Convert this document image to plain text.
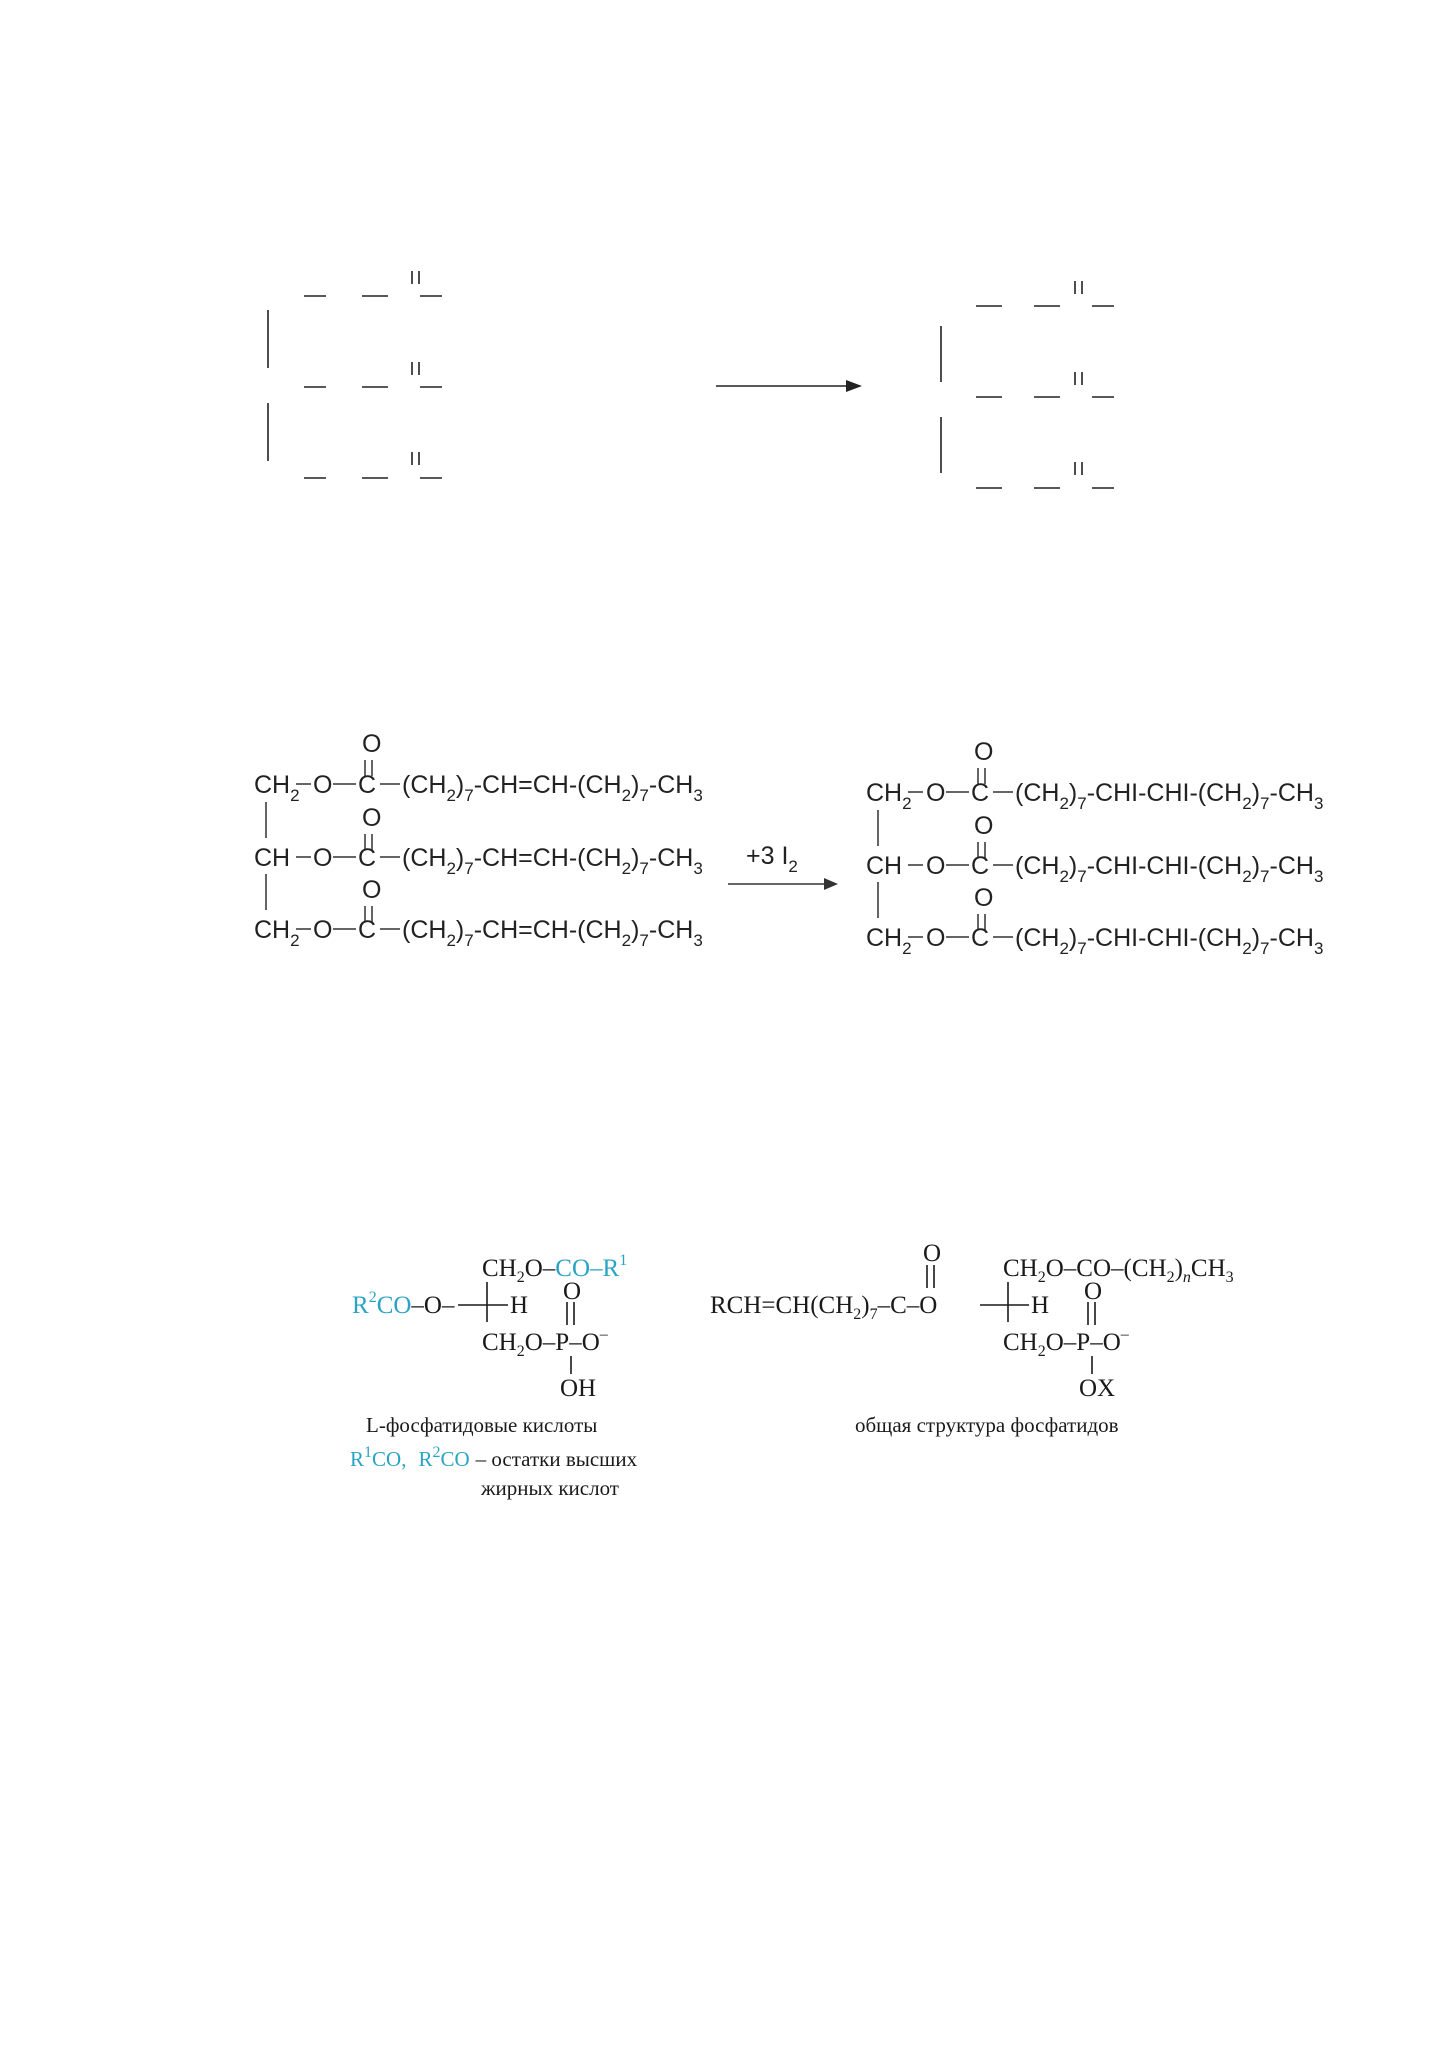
O
O
O
$CH_2$ O C $(CH_2)_7-CH=CH-(CH_2)_7-CH_3$
CH O C $(CH_2)_7-CH=CH-(CH_2)_7-CH_3$
$CH_2$ O C $(CH_2)_7-CH=CH-(CH_2)_7-CH_3$
+3 $I_2$
O
O
O
$CH_2$ O C $(CH_2)_7-CHI-CHI-(CH_2)_7-CH_3$
CH O C $(CH_2)_7-CHI-CHI-(CH_2)_7-CH_3$
$CH_2$ O C $(CH_2)_7-CHI-CHI-(CH_2)_7-CH_3$
$CH_2O-CO-R^1$
$R^2CO-O-$ H
O
$CH_2O-P-O^-$
OH
O
$CH_2O-CO-(CH_2)_nCH_3$
$RCH=CH(CH_2)_7-C-O$	H
O
$CH_2O-P-O^-$
OX
L-фосфатидовые кислоты
$R^1CO$, $R^2CO$ – остатки высших
жирных кислот
общая структура фосфатидов
